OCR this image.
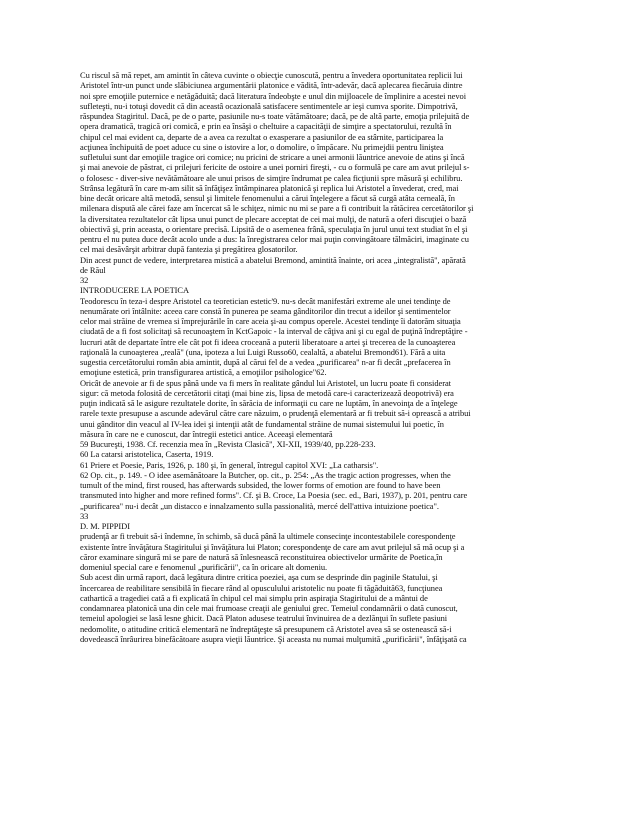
Cu riscul să mă repet, am amintit în câteva cuvinte o obiecţie cunoscută, pentru a învedera oportunitatea replicii lui
Aristotel într-un punct unde slăbiciunea argumentării platonice e vădită, într-adevăr, dacă aplecarea fiecăruia dintre
noi spre emoţiile puternice e netăgăduită; dacă literatura îndeobşte e unul din mijloacele de împlinire a acestei nevoi
sufleteşti, nu-i totuşi dovedit că din aceastâ ocazională satisfacere sentimentele ar ieşi cumva sporite. Dimpotrivă,
răspundea Stagiritul. Dacă, pe de o parte, pasiunile nu-s toate vătămătoare; dacă, pe de altă parte, emoţia prilejuită de
opera dramatică, tragică ori comică, e prin ea însăşi o cheltuire a capacităţii de simţire a spectatorului, rezultă în
chipul cel mai evident ca, departe de a avea ca rezultat o exasperare a pasiunilor de ea stârnite, participarea la
acţiunea închipuită de poet aduce cu sine o istovire a lor, o domolire, o împăcare. Nu primejdii pentru liniştea
sufletului sunt dar emoţiile tragice ori comice; nu pricini de stricare a unei armonii lăuntrice anevoie de atins şi încă
şi mai anevoie de păstrat, ci prilejuri fericite de ostoire a unei porniri fireşti, - cu o formulă pe care am avut prilejul s-
o folosesc - diver-sive nevătămătoare ale unui prisos de simţire îndrumat pe calea ficţiunii spre măsură şi echilibru.
Strânsa legătură în care m-am silit să înfăţişez întâmpinarea platonică şi replica lui Aristotel a învederat, cred, mai
bine decât oricare altă metodă, sensul şi limitele fenomenului a cărui înţelegere a făcut să curgă atâta cerneală, în
milenara dispută ale cărei faze am încercat să le schiţez, nimic nu mi se pare a fi contribuit la rătăcirea cercetătorilor şi
la diversitatea rezultatelor cât lipsa unui punct de plecare acceptat de cei mai mulţi, de natură a oferi discuţiei o bază
obiectivă şi, prin aceasta, o orientare precisă. Lipsită de o asemenea frână, speculaţia în jurul unui text studiat în el şi
pentru el nu putea duce decât acolo unde a dus: la înregistrarea celor mai puţin convingătoare tălmăciri, imaginate cu
cel mai desăvârşit arbitrar după fantezia şi pregătirea glosatorilor.
Din acest punct de vedere, interpretarea mistică a abatelui Bremond, amintită înainte, ori acea „integralistă", apărată
de Răul
32
INTRODUCERE LA POETICA
Teodorescu în teza-i despre Aristotel ca teoretician estetic'9. nu-s decât manifestări extreme ale unei tendinţe de
nenumărate ori întâlnite: aceea care constă în punerea pe seama gânditorilor din trecut a ideilor şi sentimentelor
celor mai străine de vremea si împrejurările în care aceia şi-au compus operele. Acestei tendinţe îi datorăm situaţia
ciudată de a fi fost solicitaţi să recunoaştem în KctGapoic - la interval de câţiva ani şi cu egal de puţină îndreptăţire -
lucruri atât de departate între ele cât pot fi ideea croceană a puterii liberatoare a artei şi trecerea de la cunoaşterea
raţională la cunoaşterea „reală" (una, ipoteza a lui Luigi Russo60, cealaltă, a abatelui Bremond61). Fără a uita
sugestia cercetătorului român abia amintit, după al cărui fel de a vedea „purificarea" n-ar fi decât „prefacerea în
emoţiune estetică, prin transfigurarea artistică, a emoţiilor psihologice"62.
Oricât de anevoie ar fi de spus până unde va fi mers în realitate gândul lui Aristotel, un lucru poate fi considerat
sigur: că metoda folosită de cercetătorii citaţi (mai bine zis, lipsa de metodă care-i caracterizează deopotrivă) era
puţin indicată să le asigure rezultatele dorite, în sărăcia de informaţii cu care ne luptăm, în anevoinţa de a înţelege
rarele texte presupuse a ascunde adevărul către care năzuim, o prudenţă elementară ar fi trebuit să-i oprească a atribui
unui gânditor din veacul al IV-lea idei şi intenţii atât de fundamental străine de numai sistemului lui poetic, în
măsura în care ne e cunoscut, dar întregii estetici antice. Aceeaşi elementară
59 Bucureşti, 1938. Cf. recenzia mea în „Revista Clasică", XI-XII, 1939/40, pp.228-233.
60 La catarsi aristotelica, Caserta, 1919.
61 Priere et Poesie, Paris, 1926, p. 180 şi, în general, întregul capitol XVI: „La catharsis".
62 Op. cit., p. 149. - O idee asemănătoare la Butcher, op. cit., p. 254: „As the tragic action progresses, when the
tumult of the mind, first roused, has afterwards subsided, the lower forms of emotion are found to have been
transmuted into higher and more refined forms". Cf. şi B. Croce, La Poesia (sec. ed., Bari, 1937), p. 201, pentru care
„purificarea" nu-i decât „un distacco e innalzamento sulla passionalità, mercé dell'attiva intuizione poetica".
33
D. M. PIPPIDI
prudenţă ar fi trebuit să-i îndemne, în schimb, să ducă până la ultimele consecinţe incontestabilele corespondenţe
existente între învăţătura Stagiritului şi învăţătura lui Platon; corespondenţe de care am avut prilejul să mă ocup şi a
căror examinare singură mi se pare de natură să înlesnească reconstituirea obiectivelor urmărite de Poetica,în
domeniul special care e fenomenul „purificării", ca în oricare alt domeniu.
Sub acest din urmă raport, dacă legătura dintre critica poeziei, aşa cum se desprinde din paginile Statului, şi
încercarea de reabilitare sensibilă în fiecare rând al opusculului aristotelic nu poate fi tăgăduită63, funcţiunea
cathartică a tragediei cată a fi explicată în chipul cel mai simplu prin aspiraţia Stagiritului de a mântui de
condamnarea platonică una din cele mai frumoase creaţii ale geniului grec. Temeiul condamnării o dată cunoscut,
temeiul apologiei se lasă lesne ghicit. Dacă Platon adusese teatrului învinuirea de a dezlănţui în suflete pasiuni
nedomolite, o atitudine critică elementară ne îndreptăţeşte să presupunem că Aristotel avea să se ostenească să-i
dovedească înrâurirea binefăcătoare asupra vieţii lăuntrice. Şi aceasta nu numai mulţumită „purificării", înfăţişată ca
